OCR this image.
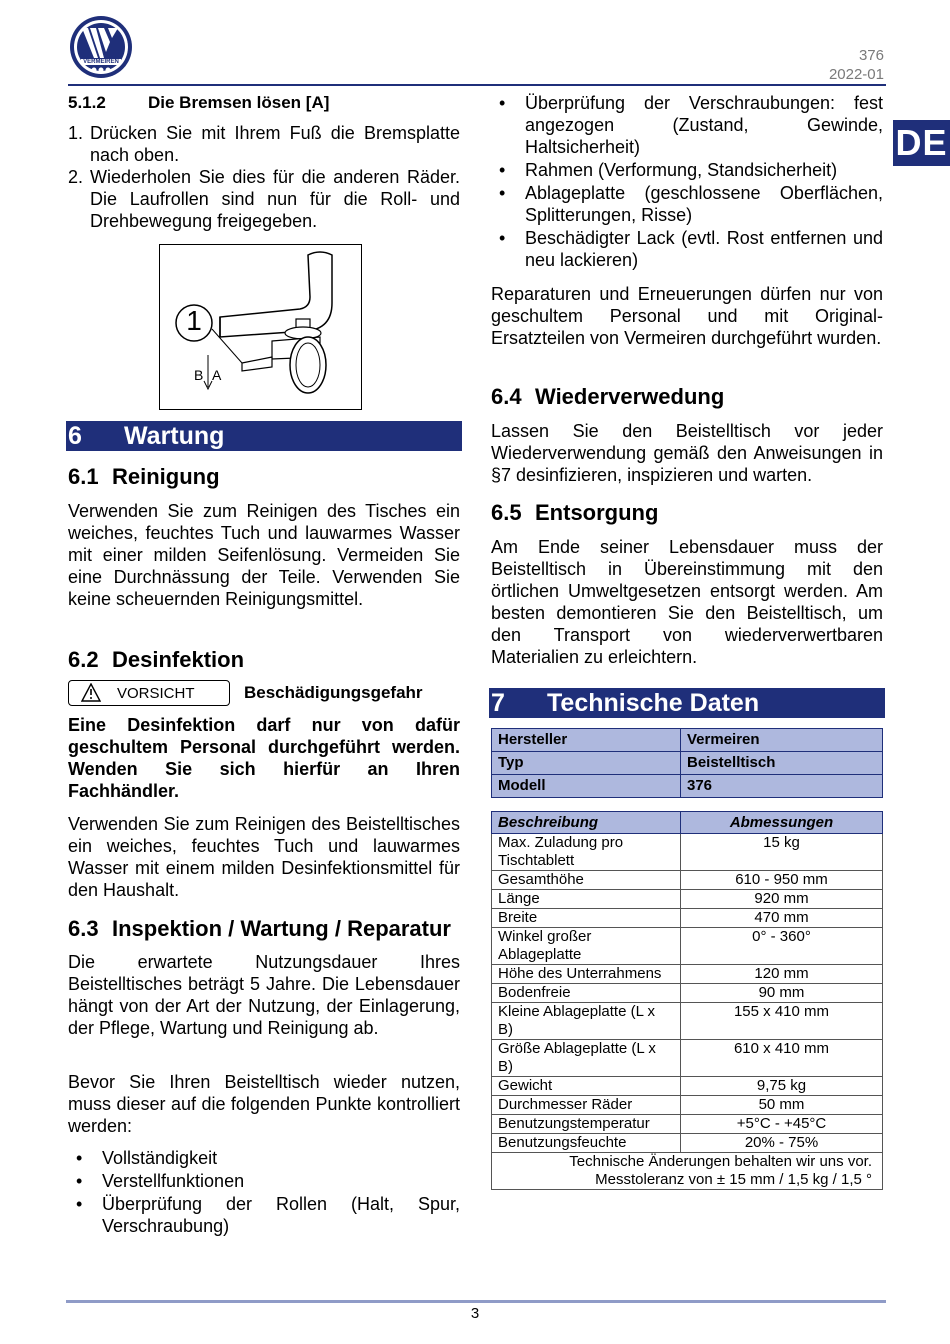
VERMEIREN	376
2022-01
DE
5.1.2 Die Bremsen lösen [A]
1. Drücken Sie mit Ihrem Fuß die Bremsplatte nach oben.
2. Wiederholen Sie dies für die anderen Räder. Die Laufrollen sind nun für die Roll- und Drehbewegung freigegeben.
1
B A
6 Wartung
6.1 Reinigung

Verwenden Sie zum Reinigen des Tisches ein weiches, feuchtes Tuch und lauwarmes Wasser mit einer milden Seifenlösung. Vermeiden Sie eine Durchnässung der Teile. Verwenden Sie keine scheuernden Reinigungsmittel.

6.2 Desinfektion
VORSICHT	Beschädigungsgefahr

Eine Desinfektion darf nur von dafür geschultem Personal durchgeführt werden. Wenden Sie sich hierfür an Ihren Fachhändler.

Verwenden Sie zum Reinigen des Beistelltisches ein weiches, feuchtes Tuch und lauwarmes Wasser mit einem milden Desinfektionsmittel für den Haushalt.

6.3 Inspektion / Wartung / Reparatur

Die erwartete Nutzungsdauer Ihres Beistelltisches beträgt 5 Jahre. Die Lebensdauer hängt von der Art der Nutzung, der Einlagerung, der Pflege, Wartung und Reinigung ab.

Bevor Sie Ihren Beistelltisch wieder nutzen, muss dieser auf die folgenden Punkte kontrolliert werden:

•	Vollständigkeit
•	Verstellfunktionen
•	Überprüfung der Rollen (Halt, Spur, Verschraubung)
•	Überprüfung der Verschraubungen: fest angezogen (Zustand, Gewinde, Haltsicherheit)
•	Rahmen (Verformung, Standsicherheit)
•	Ablageplatte (geschlossene Oberflächen, Splitterungen, Risse)
•	Beschädigter Lack (evtl. Rost entfernen und neu lackieren)

Reparaturen und Erneuerungen dürfen nur von geschultem Personal und mit Original-Ersatzteilen von Vermeiren durchgeführt wurden.

6.4 Wiederverwedung

Lassen Sie den Beistelltisch vor jeder Wiederverwendung gemäß den Anweisungen in §7 desinfizieren, inspizieren und warten.

6.5 Entsorgung

Am Ende seiner Lebensdauer muss der Beistelltisch in Übereinstimmung mit den örtlichen Umweltgesetzen entsorgt werden. Am besten demontieren Sie den Beistelltisch, um den Transport von wiederverwertbaren Materialien zu erleichtern.

7 Technische Daten
Hersteller	Vermeiren
Typ	Beistelltisch
Modell	376
Beschreibung	Abmessungen
Max. Zuladung pro Tischtablett	15 kg
Gesamthöhe	610 - 950 mm
Länge	920 mm
Breite	470 mm
Winkel großer Ablageplatte	0° - 360°
Höhe des Unterrahmens	120 mm
Bodenfreie	90 mm
Kleine Ablageplatte (L x B)	155 x 410 mm
Größe Ablageplatte (L x B)	610 x 410 mm
Gewicht	9,75 kg
Durchmesser Räder	50 mm
Benutzungstemperatur	+5°C - +45°C
Benutzungsfeuchte	20% - 75%

Technische Änderungen behalten wir uns vor.
Messtoleranz von ± 15 mm / 1,5 kg / 1,5 °	
3
